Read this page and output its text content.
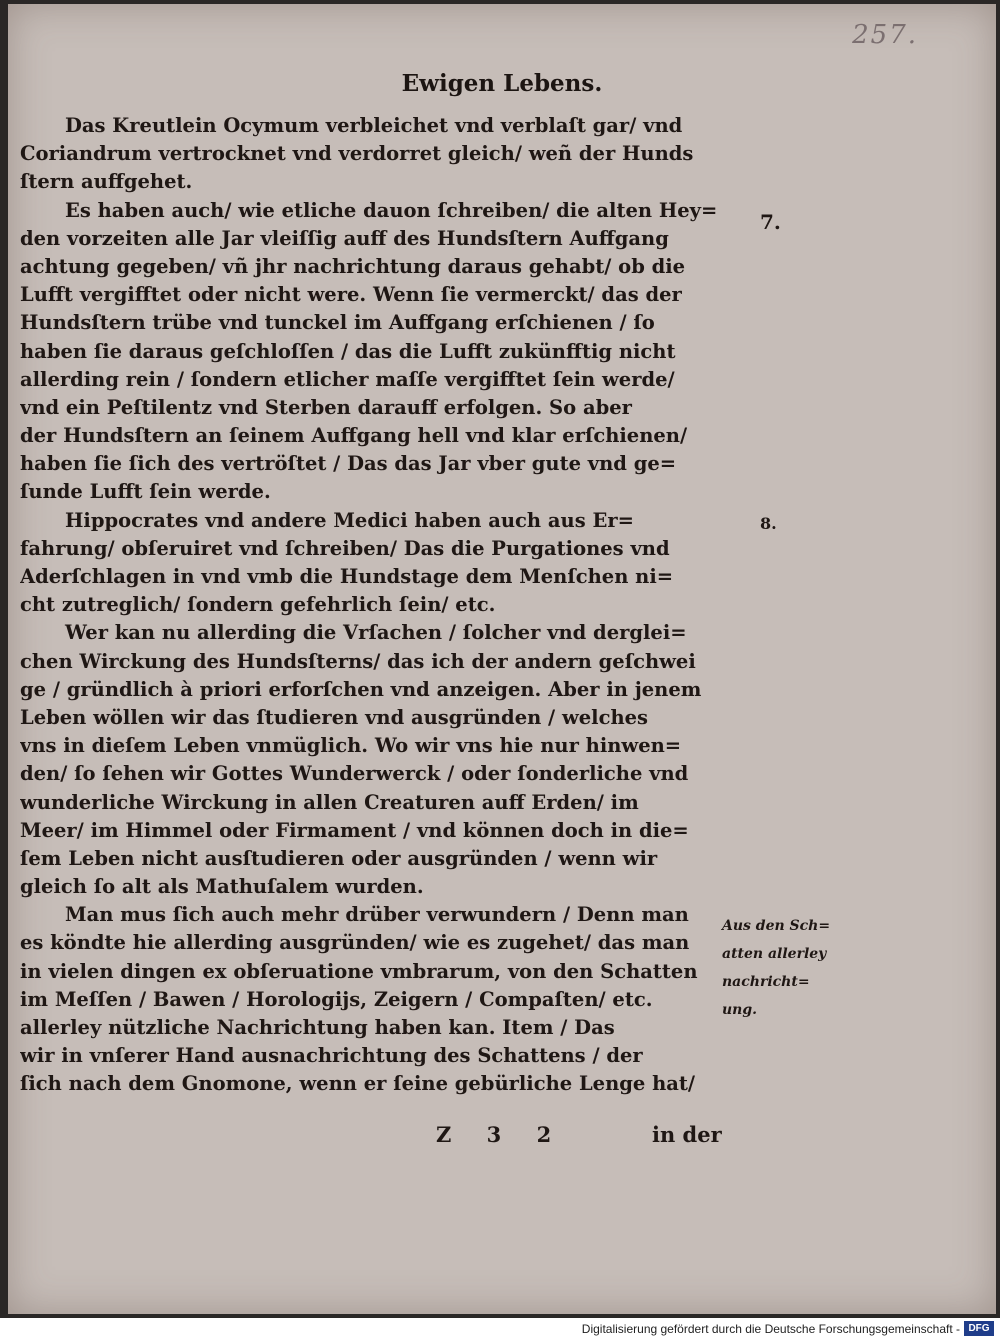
257.
Ewigen Lebens.
Das Kreutlein Ocymum verbleichet vnd verblaſt gar/ vnd
Coriandrum vertrocknet vnd verdorret gleich/ weñ der Hunds
ſtern auffgehet.
Es haben auch/ wie etliche dauon ſchreiben/ die alten Hey=
den vorzeiten alle Jar vleiſſig auff des Hundsſtern Auffgang
achtung gegeben/ vñ jhr nachrichtung daraus gehabt/ ob die
Lufft vergifftet oder nicht were. Wenn ſie vermerckt/ das der
Hundsſtern trübe vnd tunckel im Auffgang erſchienen / ſo
haben ſie daraus geſchloſſen / das die Lufft zukünfftig nicht
allerding rein / ſondern etlicher maſſe vergifftet ſein werde/
vnd ein Peſtilentz vnd Sterben darauff erfolgen. So aber
der Hundsſtern an ſeinem Auffgang hell vnd klar erſchienen/
haben ſie ſich des vertröſtet / Das das Jar vber gute vnd ge=
ſunde Lufft ſein werde.
Hippocrates vnd andere Medici haben auch aus Er=
fahrung/ obſeruiret vnd ſchreiben/ Das die Purgationes vnd
Aderſchlagen in vnd vmb die Hundstage dem Menſchen ni=
cht zutreglich/ ſondern gefehrlich ſein/ etc.
Wer kan nu allerding die Vrſachen / ſolcher vnd derglei=
chen Wirckung des Hundsſterns/ das ich der andern geſchwei
ge / gründlich à priori erforſchen vnd anzeigen. Aber in jenem
Leben wöllen wir das ſtudieren vnd ausgründen / welches
vns in dieſem Leben vnmüglich. Wo wir vns hie nur hinwen=
den/ ſo ſehen wir Gottes Wunderwerck / oder ſonderliche vnd
wunderliche Wirckung in allen Creaturen auff Erden/ im
Meer/ im Himmel oder Firmament / vnd können doch in die=
ſem Leben nicht ausſtudieren oder ausgründen / wenn wir
gleich ſo alt als Mathuſalem wurden.
Man mus ſich auch mehr drüber verwundern / Denn man
es köndte hie allerding ausgründen/ wie es zugehet/ das man
in vielen dingen ex obſeruatione vmbrarum, von den Schatten
im Meſſen / Bawen / Horologijs, Zeigern / Compaſten/ etc.
allerley nützliche Nachrichtung haben kan. Item / Das
wir in vnſerer Hand ausnachrichtung des Schattens / der
ſich nach dem Gnomone, wenn er ſeine gebürliche Lenge hat/
7.
8.
Aus den Sch=
atten allerley
nachricht=
ung.
Z 3 2	in der
Digitalisierung gefördert durch die Deutsche Forschungsgemeinschaft - DFG
